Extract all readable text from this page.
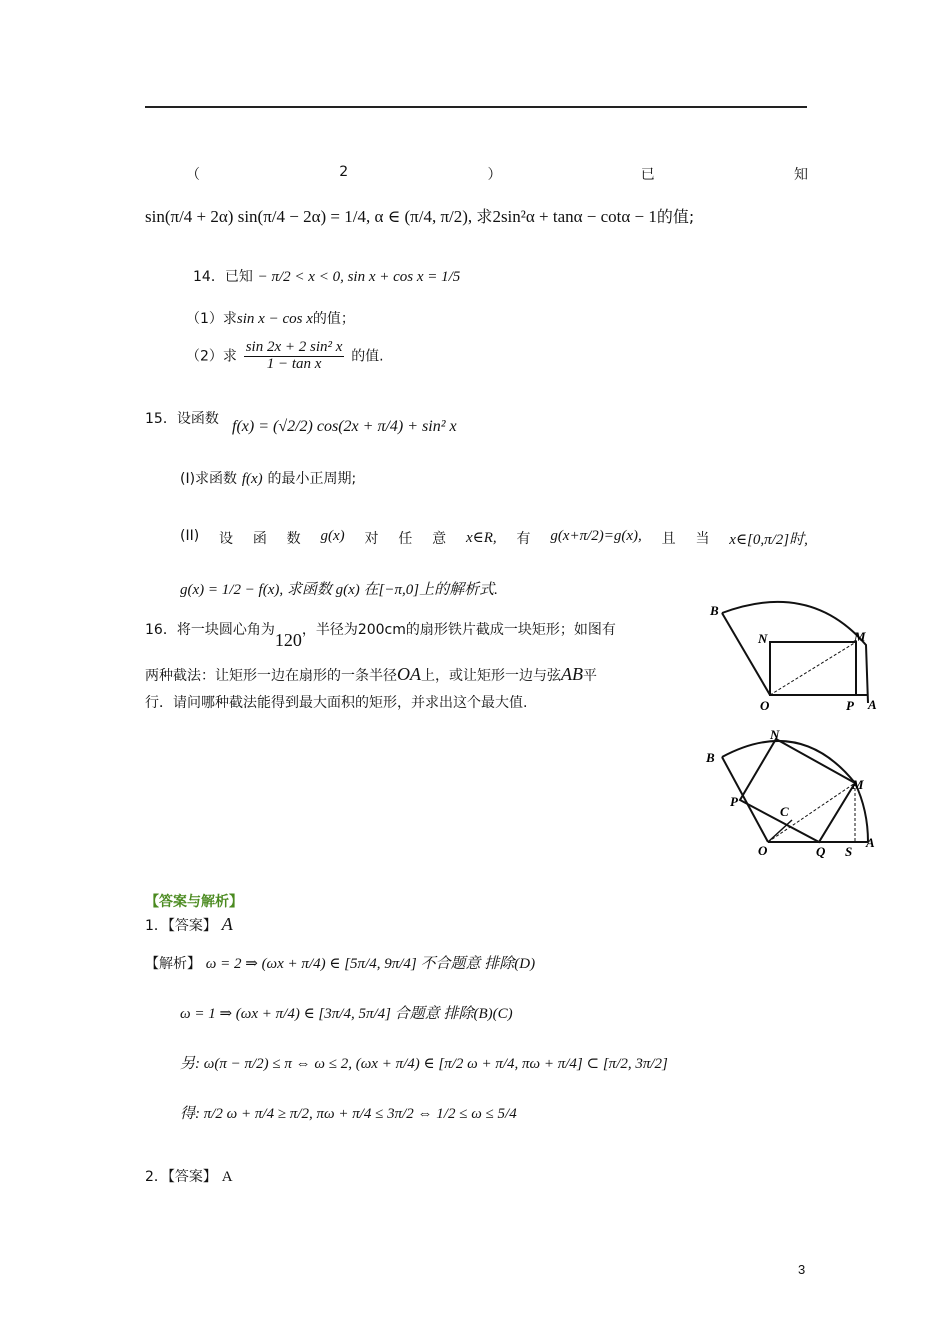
（	2	）	已	知
sin(π/4 + 2α) sin(π/4 − 2α) = 1/4, α ∈ (π/4, π/2), 求2sin²α + tanα − cotα − 1的值;
14．已知 − π/2 < x < 0, sin x + cos x = 1/5
（1）求sin x − cos x的值；
（2）求 $\frac{\text{sin 2x + 2 sin² x}}{\text{1 − tan x}}$ 的值.
15．设函数 f(x) = (√2/2) cos(2x + π/4) + sin² x
(I)求函数 f(x) 的最小正周期;
(II) 设 函 数 g(x) 对 任 意 x∈R, 有 g(x+π/2)=g(x), 且 当 x∈[0,π/2]时,
g(x) = 1/2 − f(x), 求函数 g(x) 在[−π,0]上的解析式.
16．将一块圆心角为120，半径为200cm的扇形铁片截成一块矩形；如图有
两种截法：让矩形一边在扇形的一条半径OA上，或让矩形一边与弦AB平
行．请问哪种截法能得到最大面积的矩形，并求出这个最大值.
B
N	M
O	P A
N
B
M
P
C
O	Q S
A
【答案与解析】
1．【答案】 A
【解析】 ω = 2 ⇒ (ωx + π/4) ∈ [5π/4, 9π/4] 不合题意 排除(D)
ω = 1 ⇒ (ωx + π/4) ∈ [3π/4, 5π/4] 合题意 排除(B)(C)
另: ω(π − π/2) ≤ π ⇔ ω ≤ 2, (ωx + π/4) ∈ [π/2 ω + π/4, πω + π/4] ⊂ [π/2, 3π/2]
得: π/2 ω + π/4 ≥ π/2, πω + π/4 ≤ 3π/2 ⇔ 1/2 ≤ ω ≤ 5/4
2．【答案】 A
3
